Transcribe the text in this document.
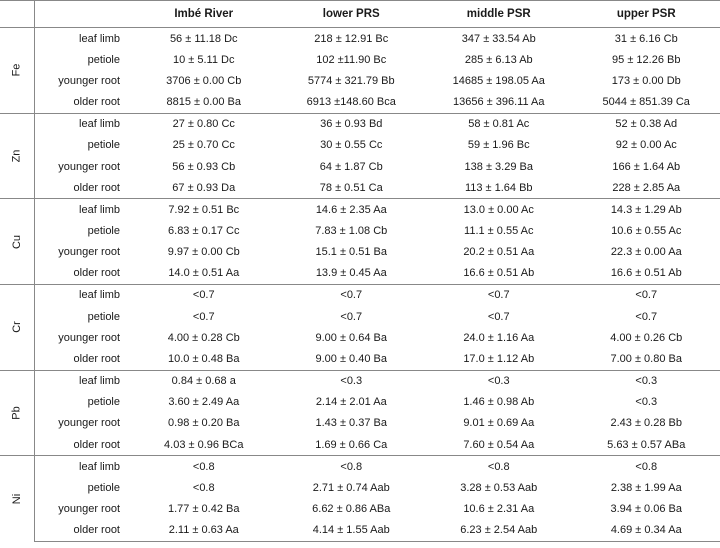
		Imbé River	lower PRS	middle PSR	upper PSR
Fe	leaf limb	56 ± 11.18 Dc	218 ± 12.91 Bc	347 ± 33.54 Ab	31 ± 6.16 Cb
	petiole	10 ± 5.11 Dc	102 ±11.90 Bc	285 ± 6.13 Ab	95 ± 12.26 Bb
	younger root	3706 ± 0.00 Cb	5774 ± 321.79 Bb	14685 ± 198.05 Aa	173 ± 0.00 Db
	older root	8815 ± 0.00 Ba	6913 ±148.60 Bca	13656 ± 396.11 Aa	5044 ± 851.39 Ca
Zn	leaf limb	27 ± 0.80 Cc	36 ± 0.93 Bd	58 ± 0.81 Ac	52 ± 0.38 Ad
	petiole	25 ± 0.70 Cc	30 ± 0.55 Cc	59 ± 1.96 Bc	92 ± 0.00 Ac
	younger root	56 ± 0.93 Cb	64 ± 1.87 Cb	138 ± 3.29 Ba	166 ± 1.64 Ab
	older root	67 ± 0.93 Da	78 ± 0.51 Ca	113 ± 1.64 Bb	228 ± 2.85 Aa
Cu	leaf limb	7.92 ± 0.51 Bc	14.6 ± 2.35 Aa	13.0 ± 0.00 Ac	14.3 ± 1.29 Ab
	petiole	6.83 ± 0.17 Cc	7.83 ± 1.08 Cb	11.1 ± 0.55 Ac	10.6 ± 0.55 Ac
	younger root	9.97 ± 0.00 Cb	15.1 ± 0.51 Ba	20.2 ± 0.51 Aa	22.3 ± 0.00 Aa
	older root	14.0 ± 0.51 Aa	13.9 ± 0.45 Aa	16.6 ± 0.51 Ab	16.6 ± 0.51 Ab
Cr	leaf limb	<0.7	<0.7	<0.7	<0.7
	petiole	<0.7	<0.7	<0.7	<0.7
	younger root	4.00 ± 0.28 Cb	9.00 ± 0.64 Ba	24.0 ± 1.16 Aa	4.00 ± 0.26 Cb
	older root	10.0 ± 0.48 Ba	9.00 ± 0.40 Ba	17.0 ± 1.12 Ab	7.00 ± 0.80 Ba
Pb	leaf limb	0.84 ± 0.68 a	<0.3	<0.3	<0.3
	petiole	3.60 ± 2.49 Aa	2.14 ± 2.01 Aa	1.46 ± 0.98 Ab	<0.3
	younger root	0.98 ± 0.20 Ba	1.43 ± 0.37 Ba	9.01 ± 0.69 Aa	2.43 ± 0.28 Bb
	older root	4.03 ± 0.96 BCa	1.69 ± 0.66 Ca	7.60 ± 0.54 Aa	5.63 ± 0.57 ABa
Ni	leaf limb	<0.8	<0.8	<0.8	<0.8
	petiole	<0.8	2.71 ± 0.74 Aab	3.28 ± 0.53 Aab	2.38 ± 1.99 Aa
	younger root	1.77 ± 0.42 Ba	6.62 ± 0.86 ABa	10.6 ± 2.31 Aa	3.94 ± 0.06 Ba
	older root	2.11 ± 0.63 Aa	4.14 ± 1.55 Aab	6.23 ± 2.54 Aab	4.69 ± 0.34 Aa
